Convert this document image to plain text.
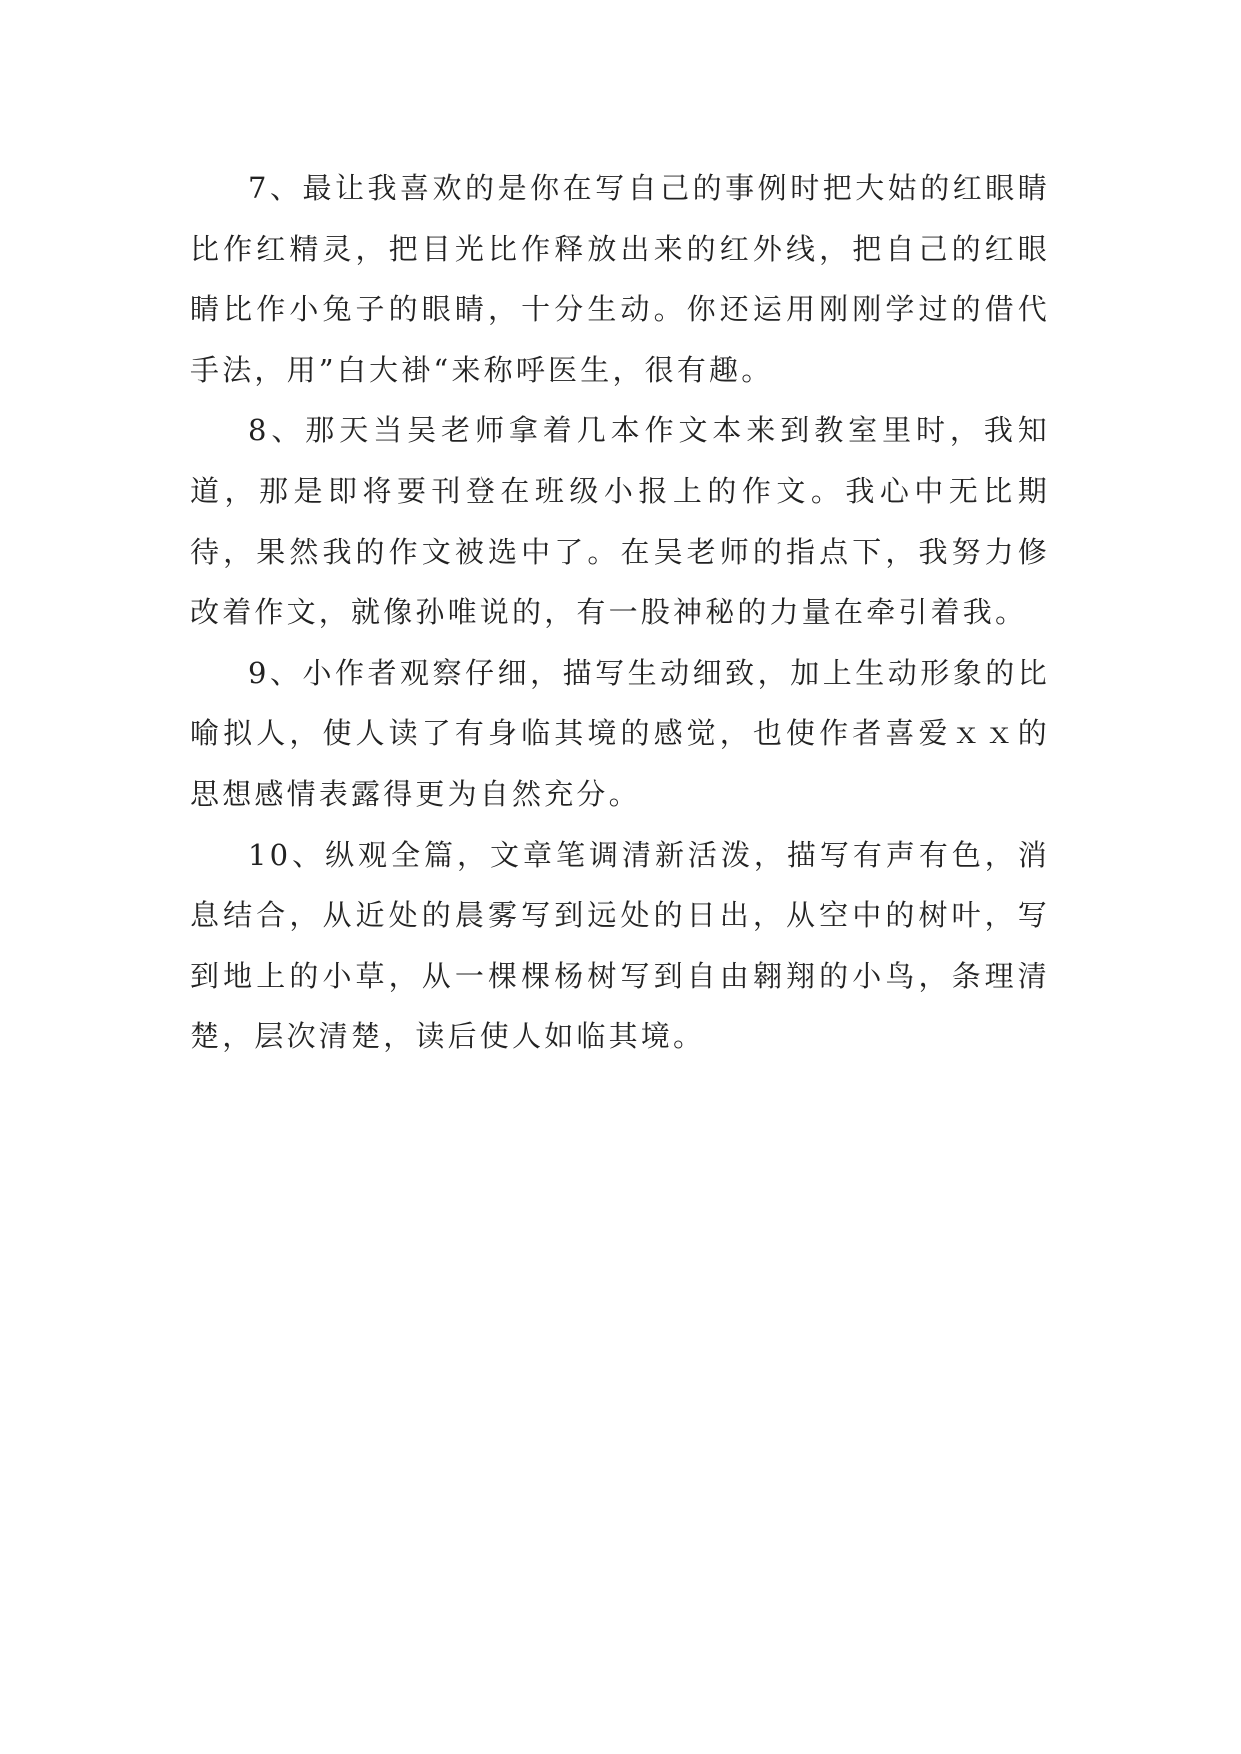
7、最让我喜欢的是你在写自己的事例时把大姑的红眼睛比作红精灵，把目光比作释放出来的红外线，把自己的红眼睛比作小兔子的眼睛，十分生动。你还运用刚刚学过的借代手法，用”白大褂“来称呼医生，很有趣。

8、那天当吴老师拿着几本作文本来到教室里时，我知道，那是即将要刊登在班级小报上的作文。我心中无比期待，果然我的作文被选中了。在吴老师的指点下，我努力修改着作文，就像孙唯说的，有一股神秘的力量在牵引着我。

9、小作者观察仔细，描写生动细致，加上生动形象的比喻拟人，使人读了有身临其境的感觉，也使作者喜爱ｘｘ的思想感情表露得更为自然充分。

10、纵观全篇，文章笔调清新活泼，描写有声有色，消息结合，从近处的晨雾写到远处的日出，从空中的树叶，写到地上的小草，从一棵棵杨树写到自由翱翔的小鸟，条理清楚，层次清楚，读后使人如临其境。
